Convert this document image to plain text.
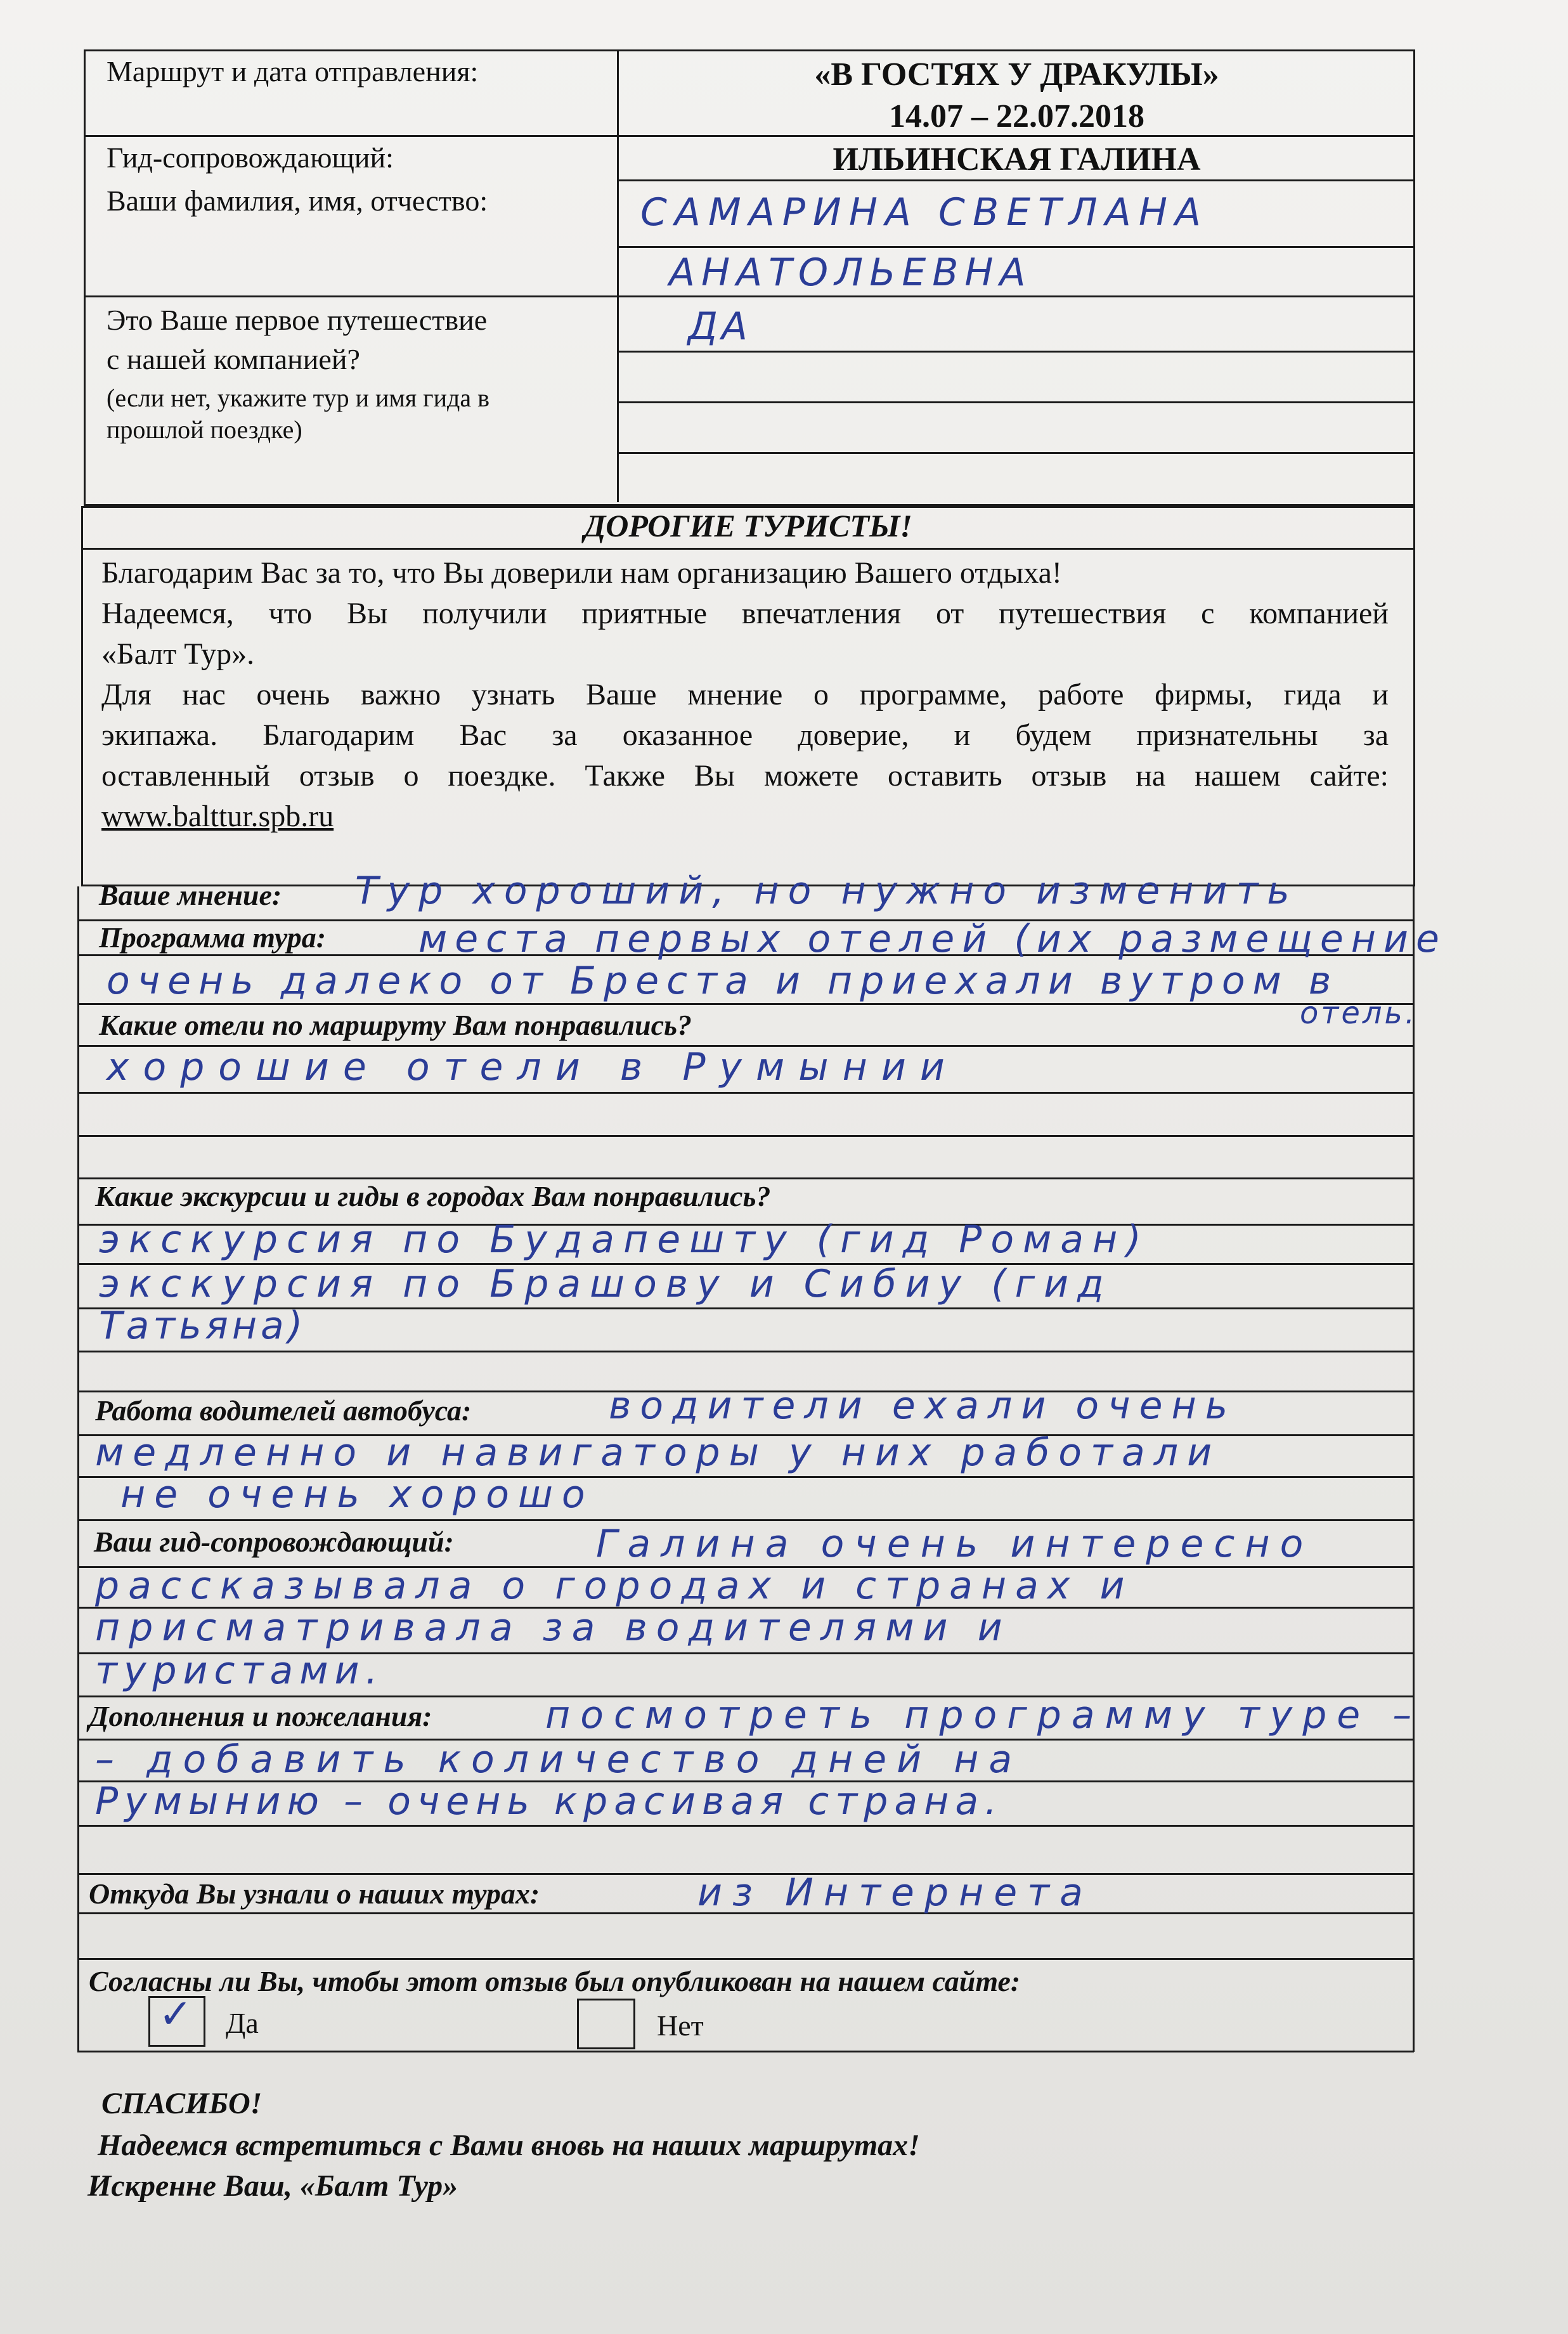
Маршрут и дата отправления:	«В ГОСТЯХ У ДРАКУЛЫ»
14.07 – 22.07.2018
Гид-сопровождающий:	ИЛЬИНСКАЯ ГАЛИНА
Ваши фамилия, имя, отчество:	САМАРИНА СВЕТЛАНА
АНАТОЛЬЕВНА
Это Ваше первое путешествие
с нашей компанией?
(если нет, укажите тур и имя гида в
прошлой поездке)
ДА
ДОРОГИЕ ТУРИСТЫ!
Благодарим Вас за то, что Вы доверили нам организацию Вашего отдыха!
Надеемся, что Вы получили приятные впечатления от путешествия с компанией
«Балт Тур».
Для нас очень важно узнать Ваше мнение о программе, работе фирмы, гида и
экипажа. Благодарим Вас за оказанное доверие, и будем признательны за
оставленный отзыв о поездке. Также Вы можете оставить отзыв на нашем сайте:
www.balttur.spb.ru
Ваше мнение: Тур хороший, но нужно изменить
Программа тура: места первых отелей (их размещение
очень далеко от Бреста и приехали вутром в
отель.
Какие отели по маршруту Вам понравились?
хорошие отели в Румынии
Какие экскурсии и гиды в городах Вам понравились?
экскурсия по Будапешту (гид Роман)
экскурсия по Брашову и Сибиу (гид
Татьяна)
Работа водителей автобуса:	водители ехали очень
медленно и навигаторы у них работали
не очень хорошо
Ваш гид-сопровождающий:	Галина очень интересно
рассказывала о городах и странах и
присматривала за водителями и
туристами.
Дополнения и пожелания:	посмотреть программу туре –
– добавить количество дней на
Румынию – очень красивая страна.
Откуда Вы узнали о наших турах:	из Интернета
Согласны ли Вы, чтобы этот отзыв был опубликован на нашем сайте:
✓ Да	Нет
СПАСИБО!
Надеемся встретиться с Вами вновь на наших маршрутах!
Искренне Ваш, «Балт Тур»
